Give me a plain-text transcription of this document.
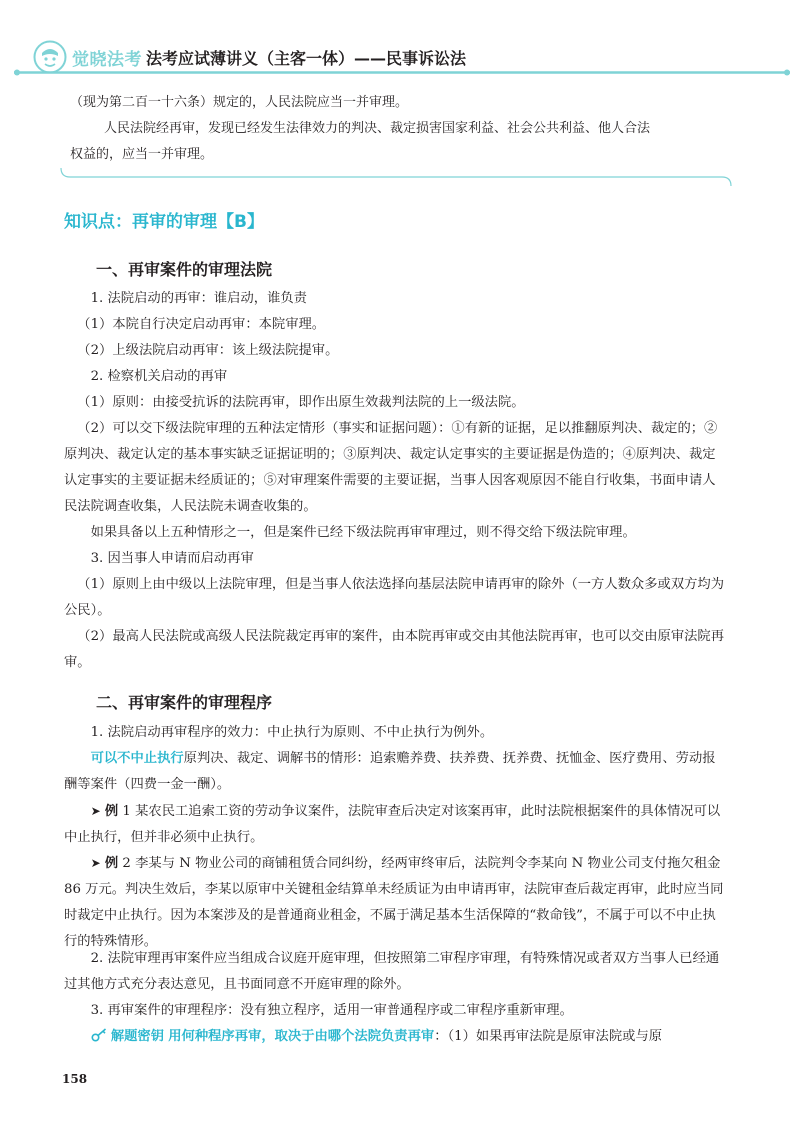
觉晓法考 法考应试薄讲义（主客一体）——民事诉讼法
（现为第二百一十六条）规定的，人民法院应当一并审理。
人民法院经再审，发现已经发生法律效力的判决、裁定损害国家利益、社会公共利益、他人合法
权益的，应当一并审理。
知识点：再审的审理【B】
一、再审案件的审理法院
1. 法院启动的再审：谁启动，谁负责
（1）本院自行决定启动再审：本院审理。
（2）上级法院启动再审：该上级法院提审。
2. 检察机关启动的再审
（1）原则：由接受抗诉的法院再审，即作出原生效裁判法院的上一级法院。
（2）可以交下级法院审理的五种法定情形（事实和证据问题）：①有新的证据，足以推翻原判决、裁定的；②原判决、裁定认定的基本事实缺乏证据证明的；③原判决、裁定认定事实的主要证据是伪造的；④原判决、裁定认定事实的主要证据未经质证的；⑤对审理案件需要的主要证据，当事人因客观原因不能自行收集，书面申请人民法院调查收集，人民法院未调查收集的。
如果具备以上五种情形之一，但是案件已经下级法院再审审理过，则不得交给下级法院审理。
3. 因当事人申请而启动再审
（1）原则上由中级以上法院审理，但是当事人依法选择向基层法院申请再审的除外（一方人数众多或双方均为公民）。
（2）最高人民法院或高级人民法院裁定再审的案件，由本院再审或交由其他法院再审，也可以交由原审法院再审。
二、再审案件的审理程序
1. 法院启动再审程序的效力：中止执行为原则、不中止执行为例外。
可以不中止执行原判决、裁定、调解书的情形：追索赡养费、扶养费、抚养费、抚恤金、医疗费用、劳动报酬等案件（四费一金一酬）。
➤ 例 1 某农民工追索工资的劳动争议案件，法院审查后决定对该案再审，此时法院根据案件的具体情况可以中止执行，但并非必须中止执行。
➤ 例 2 李某与 N 物业公司的商铺租赁合同纠纷，经两审终审后，法院判令李某向 N 物业公司支付拖欠租金 86 万元。判决生效后，李某以原审中关键租金结算单未经质证为由申请再审，法院审查后裁定再审，此时应当同时裁定中止执行。因为本案涉及的是普通商业租金，不属于满足基本生活保障的“救命钱”，不属于可以不中止执行的特殊情形。
2. 法院审理再审案件应当组成合议庭开庭审理，但按照第二审程序审理，有特殊情况或者双方当事人已经通过其他方式充分表达意见，且书面同意不开庭审理的除外。
3. 再审案件的审理程序：没有独立程序，适用一审普通程序或二审程序重新审理。
解题密钥 用何种程序再审，取决于由哪个法院负责再审：（1）如果再审法院是原审法院或与原
158
